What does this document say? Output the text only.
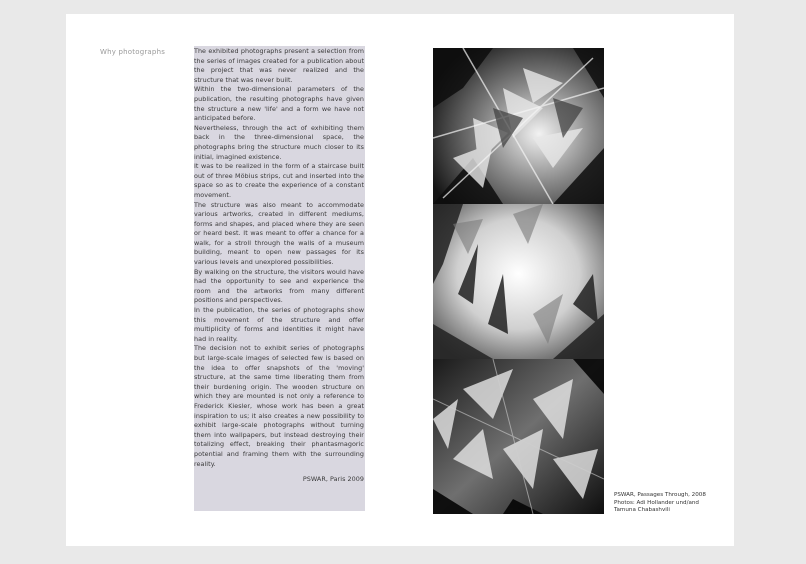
Why photographs	The exhibited photographs present a selection from the series of images created for a publication about the project that was never realized and the structure that was never built.

Within the two-dimensional parameters of the publication, the resulting photographs have given the structure a new 'life' and a form we have not anticipated before.

Nevertheless, through the act of exhibiting them back in the three-dimensional space, the photographs bring the structure much closer to its initial, imagined existence.

It was to be realized in the form of a staircase built out of three Möbius strips, cut and inserted into the space so as to create the experience of a constant movement.

The structure was also meant to accommodate various artworks, created in different mediums, forms and shapes, and placed where they are seen or heard best. It was meant to offer a chance for a walk, for a stroll through the walls of a museum building, meant to open new passages for its various levels and unexplored possibilities.

By walking on the structure, the visitors would have had the opportunity to see and experience the room and the artworks from many different positions and perspectives.

In the publication, the series of photographs show this movement of the structure and offer multiplicity of forms and identities it might have had in reality.

The decision not to exhibit series of photographs but large-scale images of selected few is based on the idea to offer snapshots of the 'moving' structure, at the same time liberating them from their burdening origin. The wooden structure on which they are mounted is not only a reference to Frederick Kiesler, whose work has been a great inspiration to us; it also creates a new possibility to exhibit large-scale photographs without turning them into wallpapers, but instead destroying their totalizing effect, breaking their phantasmagoric potential and framing them with the surrounding reality.

PSWAR, Paris 2009

PSWAR, Passages Through, 2008
Photos: Adi Hollander und/and
Tamuna Chabashvili
